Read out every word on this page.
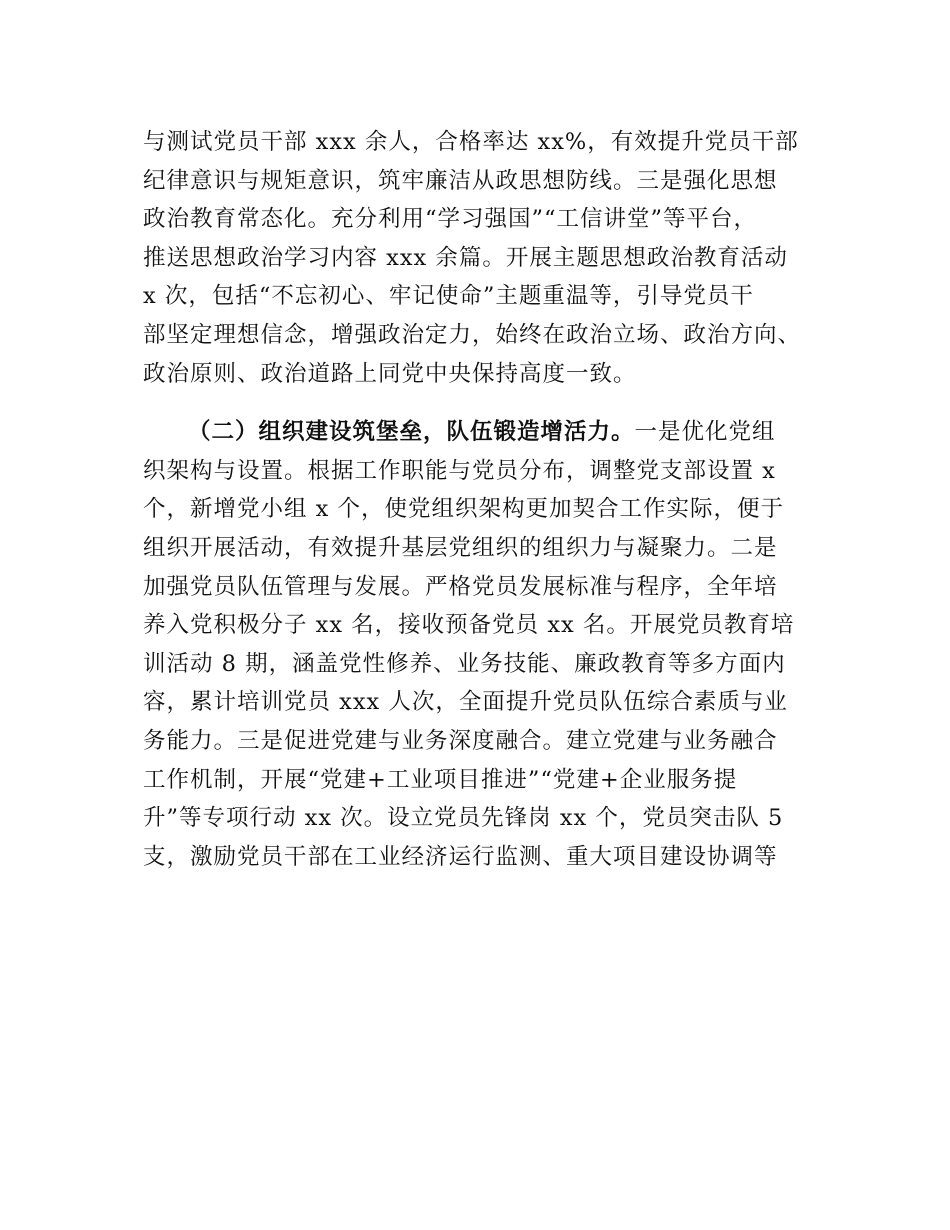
与测试党员干部 xxx 余人，合格率达 xx%，有效提升党员干部
纪律意识与规矩意识，筑牢廉洁从政思想防线。三是强化思想
政治教育常态化。充分利用“学习强国”“工信讲堂”等平台，
推送思想政治学习内容 xxx 余篇。开展主题思想政治教育活动
x 次，包括“不忘初心、牢记使命”主题重温等，引导党员干
部坚定理想信念，增强政治定力，始终在政治立场、政治方向、
政治原则、政治道路上同党中央保持高度一致。
（二）组织建设筑堡垒，队伍锻造增活力。一是优化党组
织架构与设置。根据工作职能与党员分布，调整党支部设置 x
个，新增党小组 x 个，使党组织架构更加契合工作实际，便于
组织开展活动，有效提升基层党组织的组织力与凝聚力。二是
加强党员队伍管理与发展。严格党员发展标准与程序，全年培
养入党积极分子 xx 名，接收预备党员 xx 名。开展党员教育培
训活动 8 期，涵盖党性修养、业务技能、廉政教育等多方面内
容，累计培训党员 xxx 人次，全面提升党员队伍综合素质与业
务能力。三是促进党建与业务深度融合。建立党建与业务融合
工作机制，开展“党建+工业项目推进”“党建+企业服务提
升”等专项行动 xx 次。设立党员先锋岗 xx 个，党员突击队 5
支，激励党员干部在工业经济运行监测、重大项目建设协调等
